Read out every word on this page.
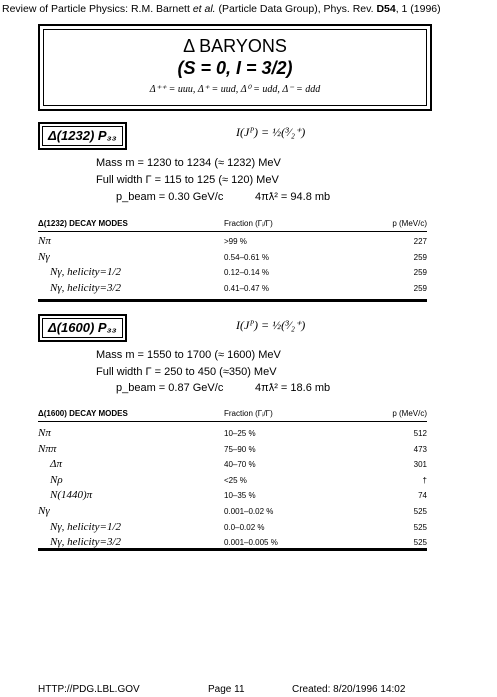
Review of Particle Physics: R.M. Barnett et al. (Particle Data Group), Phys. Rev. D54, 1 (1996)
Δ BARYONS
(S = 0, I = 3/2)
Δ⁺⁺ = uuu, Δ⁺ = uud, Δ⁰ = udd, Δ⁻ = ddd
Δ(1232) P₃₃	I(Jᴾ) = ½(³⁄₂⁺)
Mass m = 1230 to 1234 (≈ 1232) MeV
Full width Γ = 115 to 125 (≈ 120) MeV
p_beam = 0.30 GeV/c	4πƛ² = 94.8 mb
Δ(1232) DECAY MODES	Fraction (Γᵢ/Γ)	p (MeV/c)
Nπ	>99 %	227
Nγ	0.54–0.61 %	259
Nγ, helicity=1/2	0.12–0.14 %	259
Nγ, helicity=3/2	0.41–0.47 %	259
Δ(1600) P₃₃	I(Jᴾ) = ½(³⁄₂⁺)
Mass m = 1550 to 1700 (≈ 1600) MeV
Full width Γ = 250 to 450 (≈350) MeV
p_beam = 0.87 GeV/c	4πƛ² = 18.6 mb
Δ(1600) DECAY MODES	Fraction (Γᵢ/Γ)	p (MeV/c)
Nπ	10–25 %	512
Nππ	75–90 %	473
Δπ	40–70 %	301
Nρ	<25 %	†
N(1440)π	10–35 %	74
Nγ	0.001–0.02 %	525
Nγ, helicity=1/2	0.0–0.02 %	525
Nγ, helicity=3/2	0.001–0.005 %	525
HTTP://PDG.LBL.GOV	Page 11	Created: 8/20/1996 14:02
